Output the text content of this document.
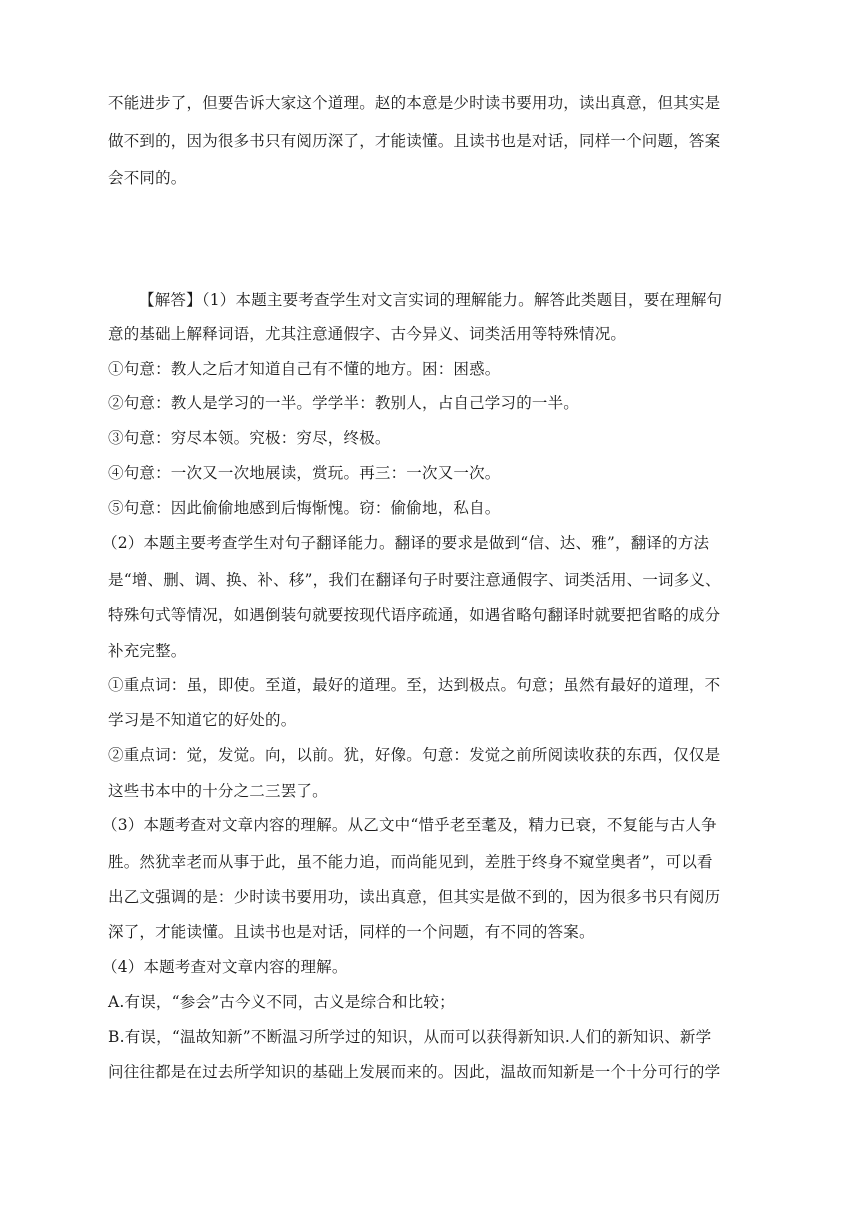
不能进步了，但要告诉大家这个道理。赵的本意是少时读书要用功，读出真意，但其实是
做不到的，因为很多书只有阅历深了，才能读懂。且读书也是对话，同样一个问题，答案
会不同的。
【解答】（1）本题主要考查学生对文言实词的理解能力。解答此类题目，要在理解句
意的基础上解释词语，尤其注意通假字、古今异义、词类活用等特殊情况。
①句意：教人之后才知道自己有不懂的地方。困：困惑。
②句意：教人是学习的一半。学学半：教别人，占自己学习的一半。
③句意：穷尽本领。究极：穷尽，终极。
④句意：一次又一次地展读，赏玩。再三：一次又一次。
⑤句意：因此偷偷地感到后悔惭愧。窃：偷偷地，私自。
（2）本题主要考查学生对句子翻译能力。翻译的要求是做到“信、达、雅”，翻译的方法
是“增、删、调、换、补、移”，我们在翻译句子时要注意通假字、词类活用、一词多义、
特殊句式等情况，如遇倒装句就要按现代语序疏通，如遇省略句翻译时就要把省略的成分
补充完整。
①重点词：虽，即使。至道，最好的道理。至，达到极点。句意；虽然有最好的道理，不
学习是不知道它的好处的。
②重点词：觉，发觉。向，以前。犹，好像。句意：发觉之前所阅读收获的东西，仅仅是
这些书本中的十分之二三罢了。
（3）本题考查对文章内容的理解。从乙文中“惜乎老至耄及，精力已衰，不复能与古人争
胜。然犹幸老而从事于此，虽不能力追，而尚能见到，差胜于终身不窥堂奥者”，可以看
出乙文强调的是：少时读书要用功，读出真意，但其实是做不到的，因为很多书只有阅历
深了，才能读懂。且读书也是对话，同样的一个问题，有不同的答案。
（4）本题考查对文章内容的理解。
A.有误，“参会”古今义不同，古义是综合和比较；
B.有误，“温故知新”不断温习所学过的知识，从而可以获得新知识.人们的新知识、新学
问往往都是在过去所学知识的基础上发展而来的。因此，温故而知新是一个十分可行的学
